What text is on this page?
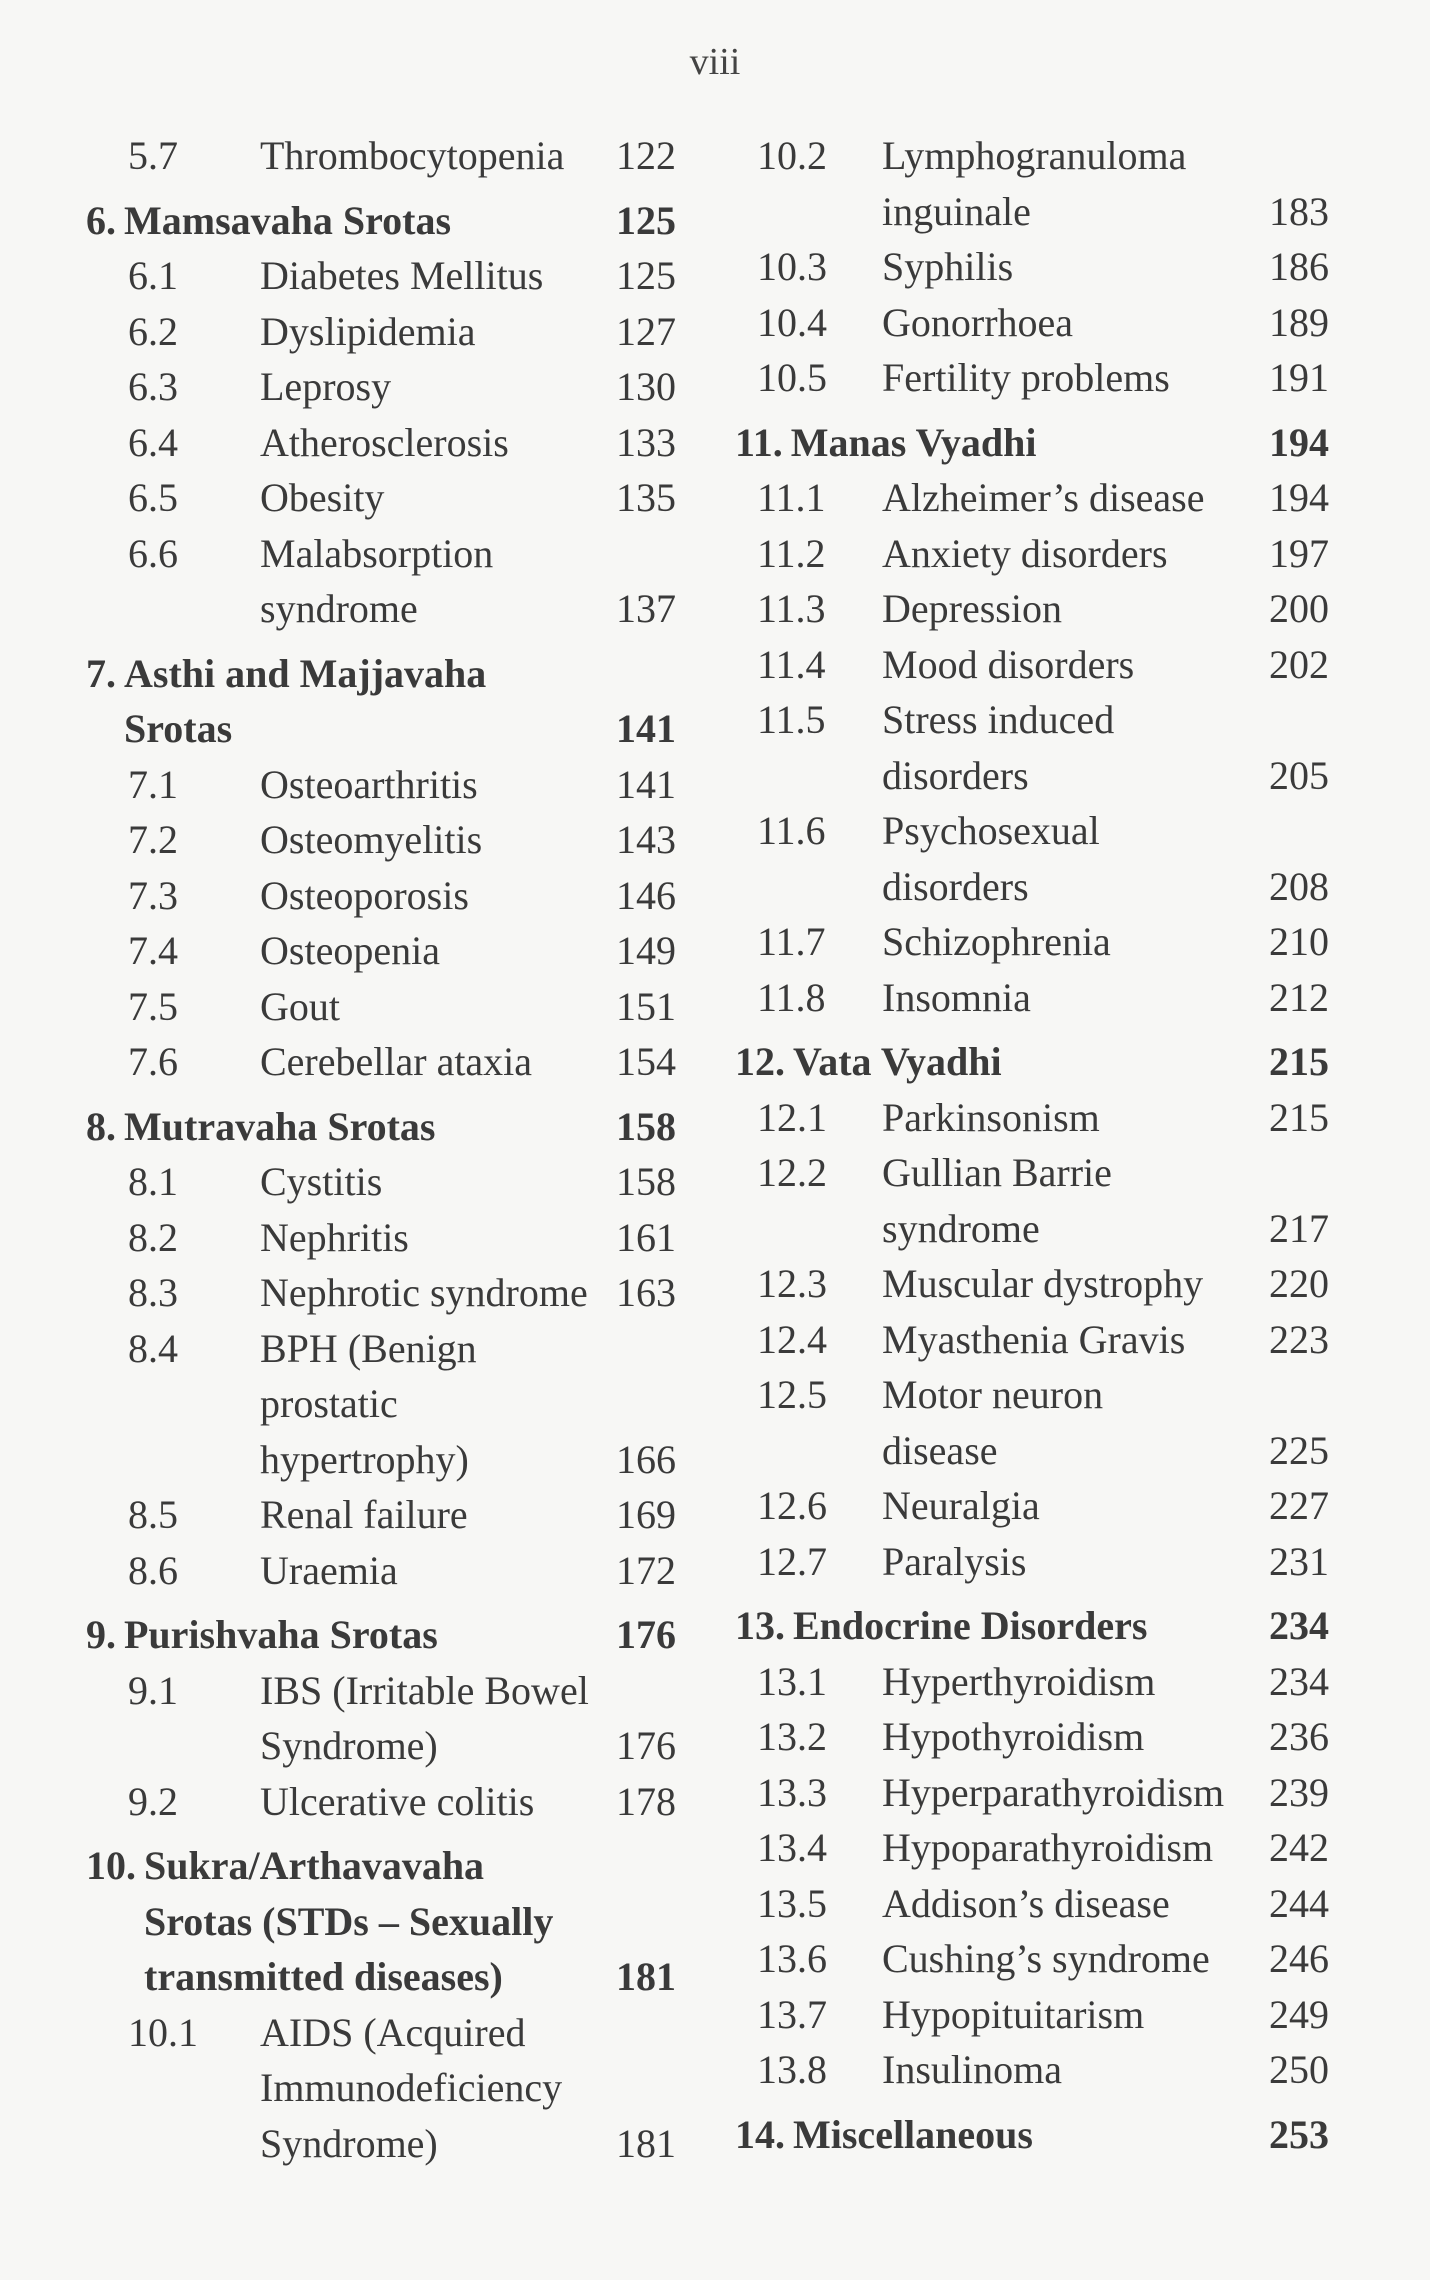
viii
5.7	Thrombocytopenia	122
6. Mamsavaha Srotas	125
6.1	Diabetes Mellitus	125
6.2	Dyslipidemia	127
6.3	Leprosy	130
6.4	Atherosclerosis	133
6.5	Obesity	135
6.6	Malabsorption
syndrome	137
7. Asthi and Majjavaha
Srotas	141
7.1	Osteoarthritis	141
7.2	Osteomyelitis	143
7.3	Osteoporosis	146
7.4	Osteopenia	149
7.5	Gout	151
7.6	Cerebellar ataxia	154
8. Mutravaha Srotas	158
8.1	Cystitis	158
8.2	Nephritis	161
8.3	Nephrotic syndrome 163
8.4	BPH (Benign prostatic
hypertrophy)	166
8.5	Renal failure	169
8.6	Uraemia	172
9. Purishvaha Srotas	176
9.1	IBS (Irritable Bowel
Syndrome)	176
9.2	Ulcerative colitis	178
10. Sukra/Arthavavaha
Srotas (STDs – Sexually
transmitted diseases)	181
10.1	AIDS (Acquired
Immunodeficiency
Syndrome)	181
10.2	Lymphogranuloma
inguinale	183
10.3	Syphilis	186
10.4	Gonorrhoea	189
10.5	Fertility problems	191
11. Manas Vyadhi	194
11.1	Alzheimer’s disease	194
11.2	Anxiety disorders	197
11.3	Depression	200
11.4	Mood disorders	202
11.5	Stress induced
disorders	205
11.6	Psychosexual
disorders	208
11.7	Schizophrenia	210
11.8	Insomnia	212
12. Vata Vyadhi	215
12.1	Parkinsonism	215
12.2	Gullian Barrie
syndrome	217
12.3	Muscular dystrophy	220
12.4	Myasthenia Gravis	223
12.5	Motor neuron
disease	225
12.6	Neuralgia	227
12.7	Paralysis	231
13. Endocrine Disorders	234
13.1	Hyperthyroidism	234
13.2	Hypothyroidism	236
13.3	Hyperparathyroidism	239
13.4	Hypoparathyroidism	242
13.5	Addison’s disease	244
13.6	Cushing’s syndrome	246
13.7	Hypopituitarism	249
13.8	Insulinoma	250
14. Miscellaneous	253
